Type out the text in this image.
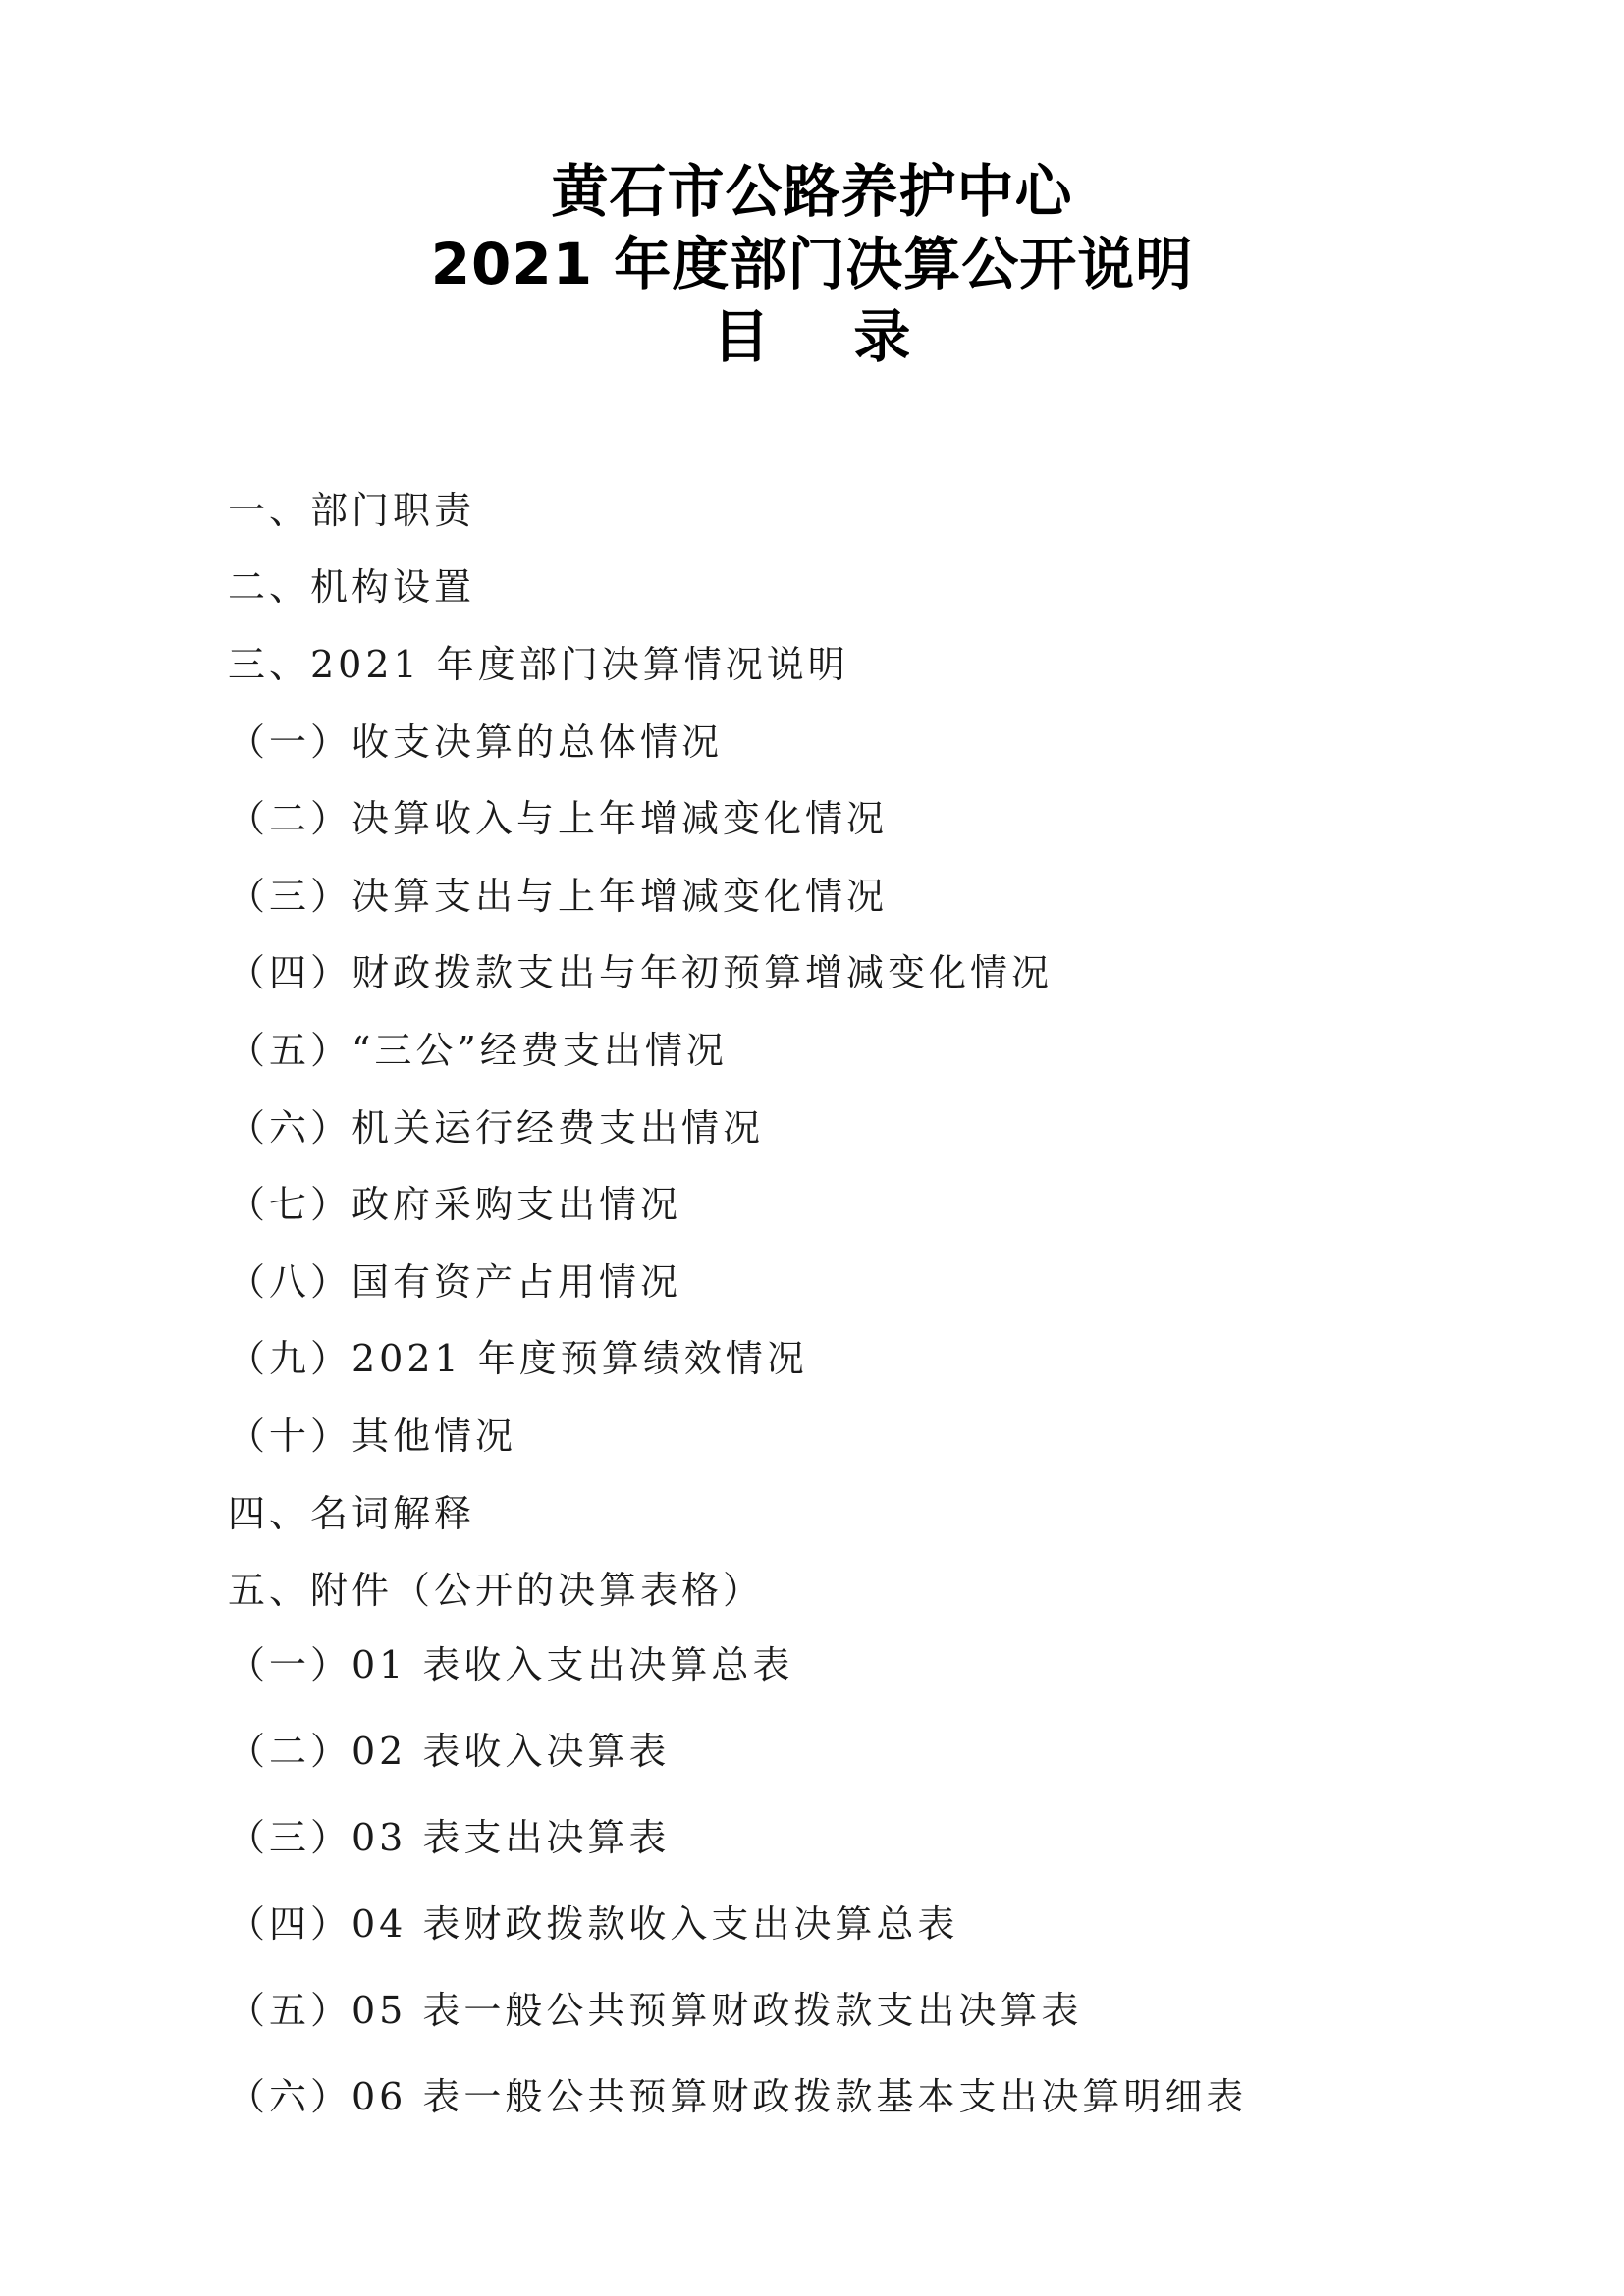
黄石市公路养护中心
2021 年度部门决算公开说明
目    录
一、部门职责
二、机构设置
三、2021 年度部门决算情况说明
（一）收支决算的总体情况
（二）决算收入与上年增减变化情况
（三）决算支出与上年增减变化情况
（四）财政拨款支出与年初预算增减变化情况
（五）“三公”经费支出情况
（六）机关运行经费支出情况
（七）政府采购支出情况
（八）国有资产占用情况
（九）2021 年度预算绩效情况
（十）其他情况
四、名词解释
五、附件（公开的决算表格）
（一）01 表收入支出决算总表
（二）02 表收入决算表
（三）03 表支出决算表
（四）04 表财政拨款收入支出决算总表
（五）05 表一般公共预算财政拨款支出决算表
（六）06 表一般公共预算财政拨款基本支出决算明细表
